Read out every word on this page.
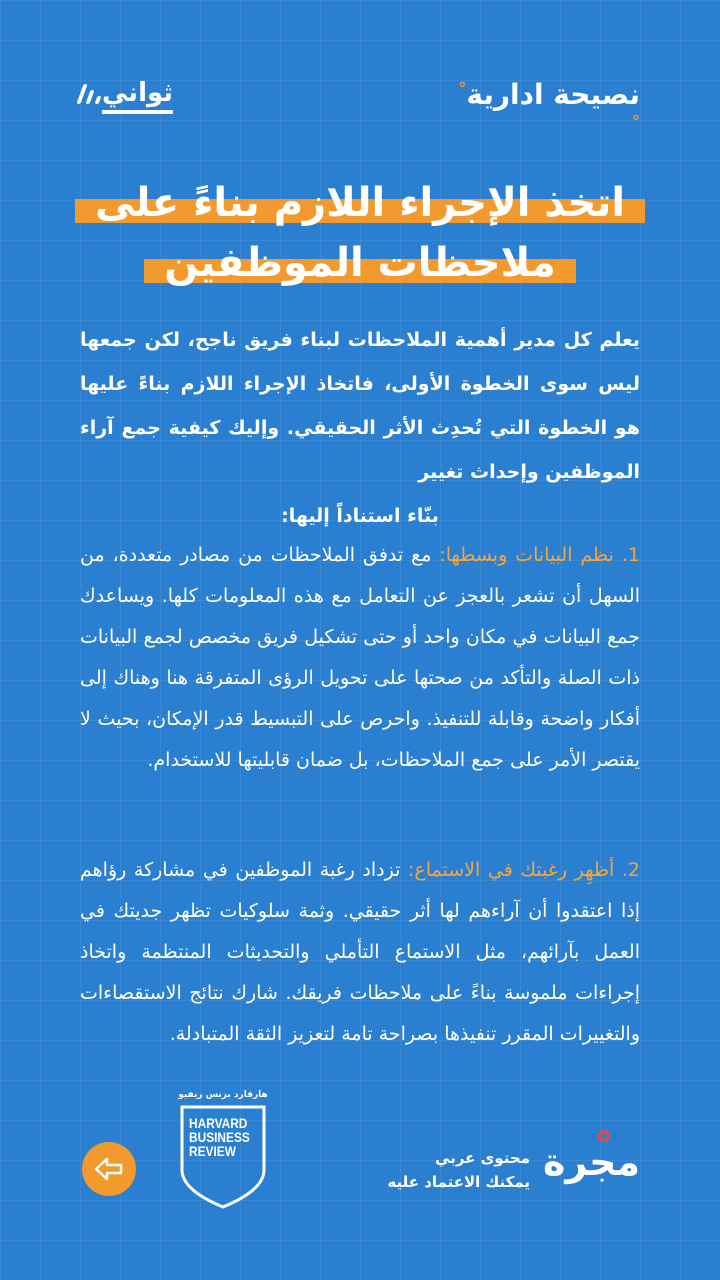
نصيحة ادارية°°
ثواني
اتخذ الإجراء اللازم بناءً على
ملاحظات الموظفين
يعلم كل مدير أهمية الملاحظات لبناء فريق ناجح، لكن جمعها ليس سوى الخطوة الأولى، فاتخاذ الإجراء اللازم بناءً عليها هو الخطوة التي تُحدِث الأثر الحقيقي. وإليك كيفية جمع آراء الموظفين وإحداث تغيير
بنّاء استناداً إليها:
1. نظم البيانات وبسطها: مع تدفق الملاحظات من مصادر متعددة، من السهل أن تشعر بالعجز عن التعامل مع هذه المعلومات كلها. ويساعدك جمع البيانات في مكان واحد أو حتى تشكيل فريق مخصص لجمع البيانات ذات الصلة والتأكد من صحتها على تحويل الرؤى المتفرقة هنا وهناك إلى أفكار واضحة وقابلة للتنفيذ. واحرص على التبسيط قدر الإمكان، بحيث لا يقتصر الأمر على جمع الملاحظات، بل ضمان قابليتها للاستخدام.
2. أظهِر رغبتك في الاستماع: تزداد رغبة الموظفين في مشاركة رؤاهم إذا اعتقدوا أن آراءهم لها أثر حقيقي. وثمة سلوكيات تظهر جديتك في العمل بآرائهم، مثل الاستماع التأملي والتحديثات المنتظمة واتخاذ إجراءات ملموسة بناءً على ملاحظات فريقك. شارك نتائج الاستقصاءات والتغييرات المقرر تنفيذها بصراحة تامة لتعزيز الثقة المتبادلة.
هارفارد بزنس ريفيو
HARVARD
BUSINESS
REVIEW	محتوى عربي
يمكنك الاعتماد عليه مجرة
